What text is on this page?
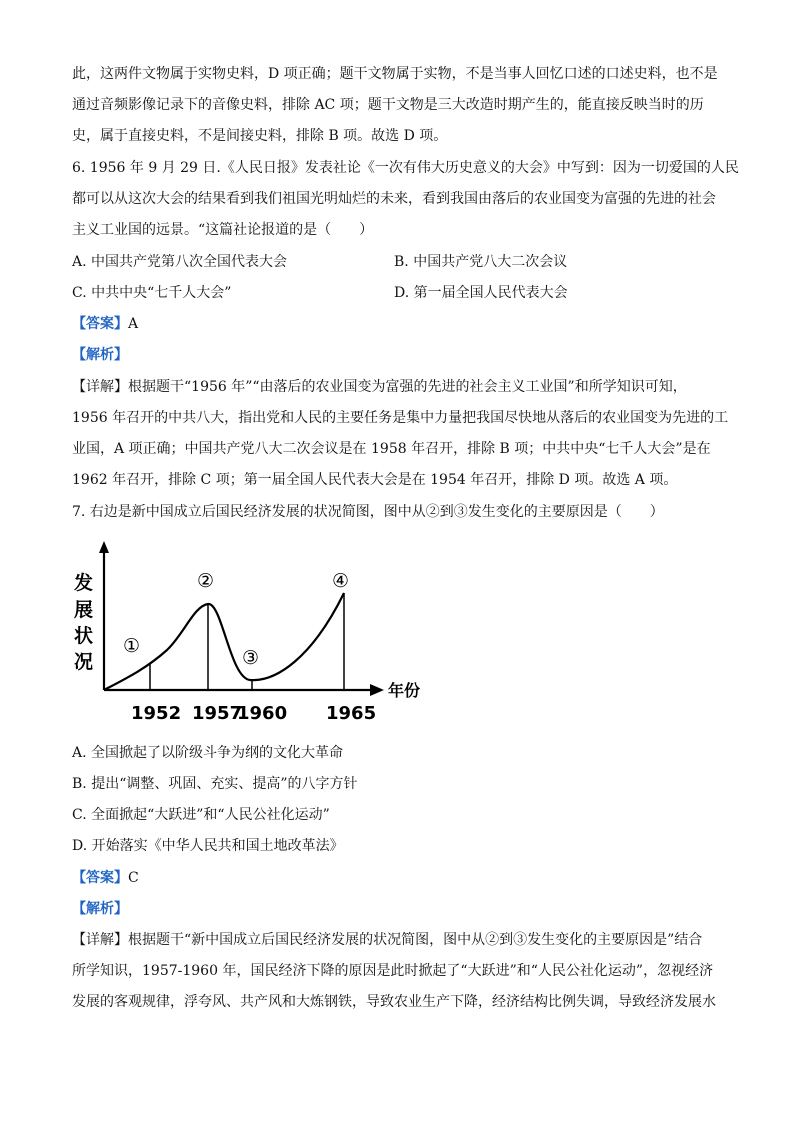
此，这两件文物属于实物史料，D 项正确；题干文物属于实物，不是当事人回忆口述的口述史料，也不是
通过音频影像记录下的音像史料，排除 AC 项；题干文物是三大改造时期产生的，能直接反映当时的历
史，属于直接史料，不是间接史料，排除 B 项。故选 D 项。
6. 1956 年 9 月 29 日.《人民日报》发表社论《一次有伟大历史意义的大会》中写到：因为一切爱国的人民
都可以从这次大会的结果看到我们祖国光明灿烂的未来，看到我国由落后的农业国变为富强的先进的社会
主义工业国的远景。“这篇社论报道的是（　　）
A. 中国共产党第八次全国代表大会	B. 中国共产党八大二次会议
C. 中共中央“七千人大会”	D. 第一届全国人民代表大会
【答案】A
【解析】
【详解】根据题干“1956 年”“由落后的农业国变为富强的先进的社会主义工业国”和所学知识可知，
1956 年召开的中共八大，指出党和人民的主要任务是集中力量把我国尽快地从落后的农业国变为先进的工
业国，A 项正确；中国共产党八大二次会议是在 1958 年召开，排除 B 项；中共中央“七千人大会”是在
1962 年召开，排除 C 项；第一届全国人民代表大会是在 1954 年召开，排除 D 项。故选 A 项。
7. 右边是新中国成立后国民经济发展的状况简图，图中从②到③发生变化的主要原因是（　　）
发
展
状
况
年份
①
②
③
④
1952 1957
1960 1965
A. 全国掀起了以阶级斗争为纲的文化大革命
B. 提出“调整、巩固、充实、提高”的八字方针
C. 全面掀起“大跃进”和“人民公社化运动”
D. 开始落实《中华人民共和国土地改革法》
【答案】C
【解析】
【详解】根据题干“新中国成立后国民经济发展的状况简图，图中从②到③发生变化的主要原因是”结合
所学知识，1957-1960 年，国民经济下降的原因是此时掀起了“大跃进”和“人民公社化运动”，忽视经济
发展的客观规律，浮夸风、共产风和大炼钢铁，导致农业生产下降，经济结构比例失调，导致经济发展水
